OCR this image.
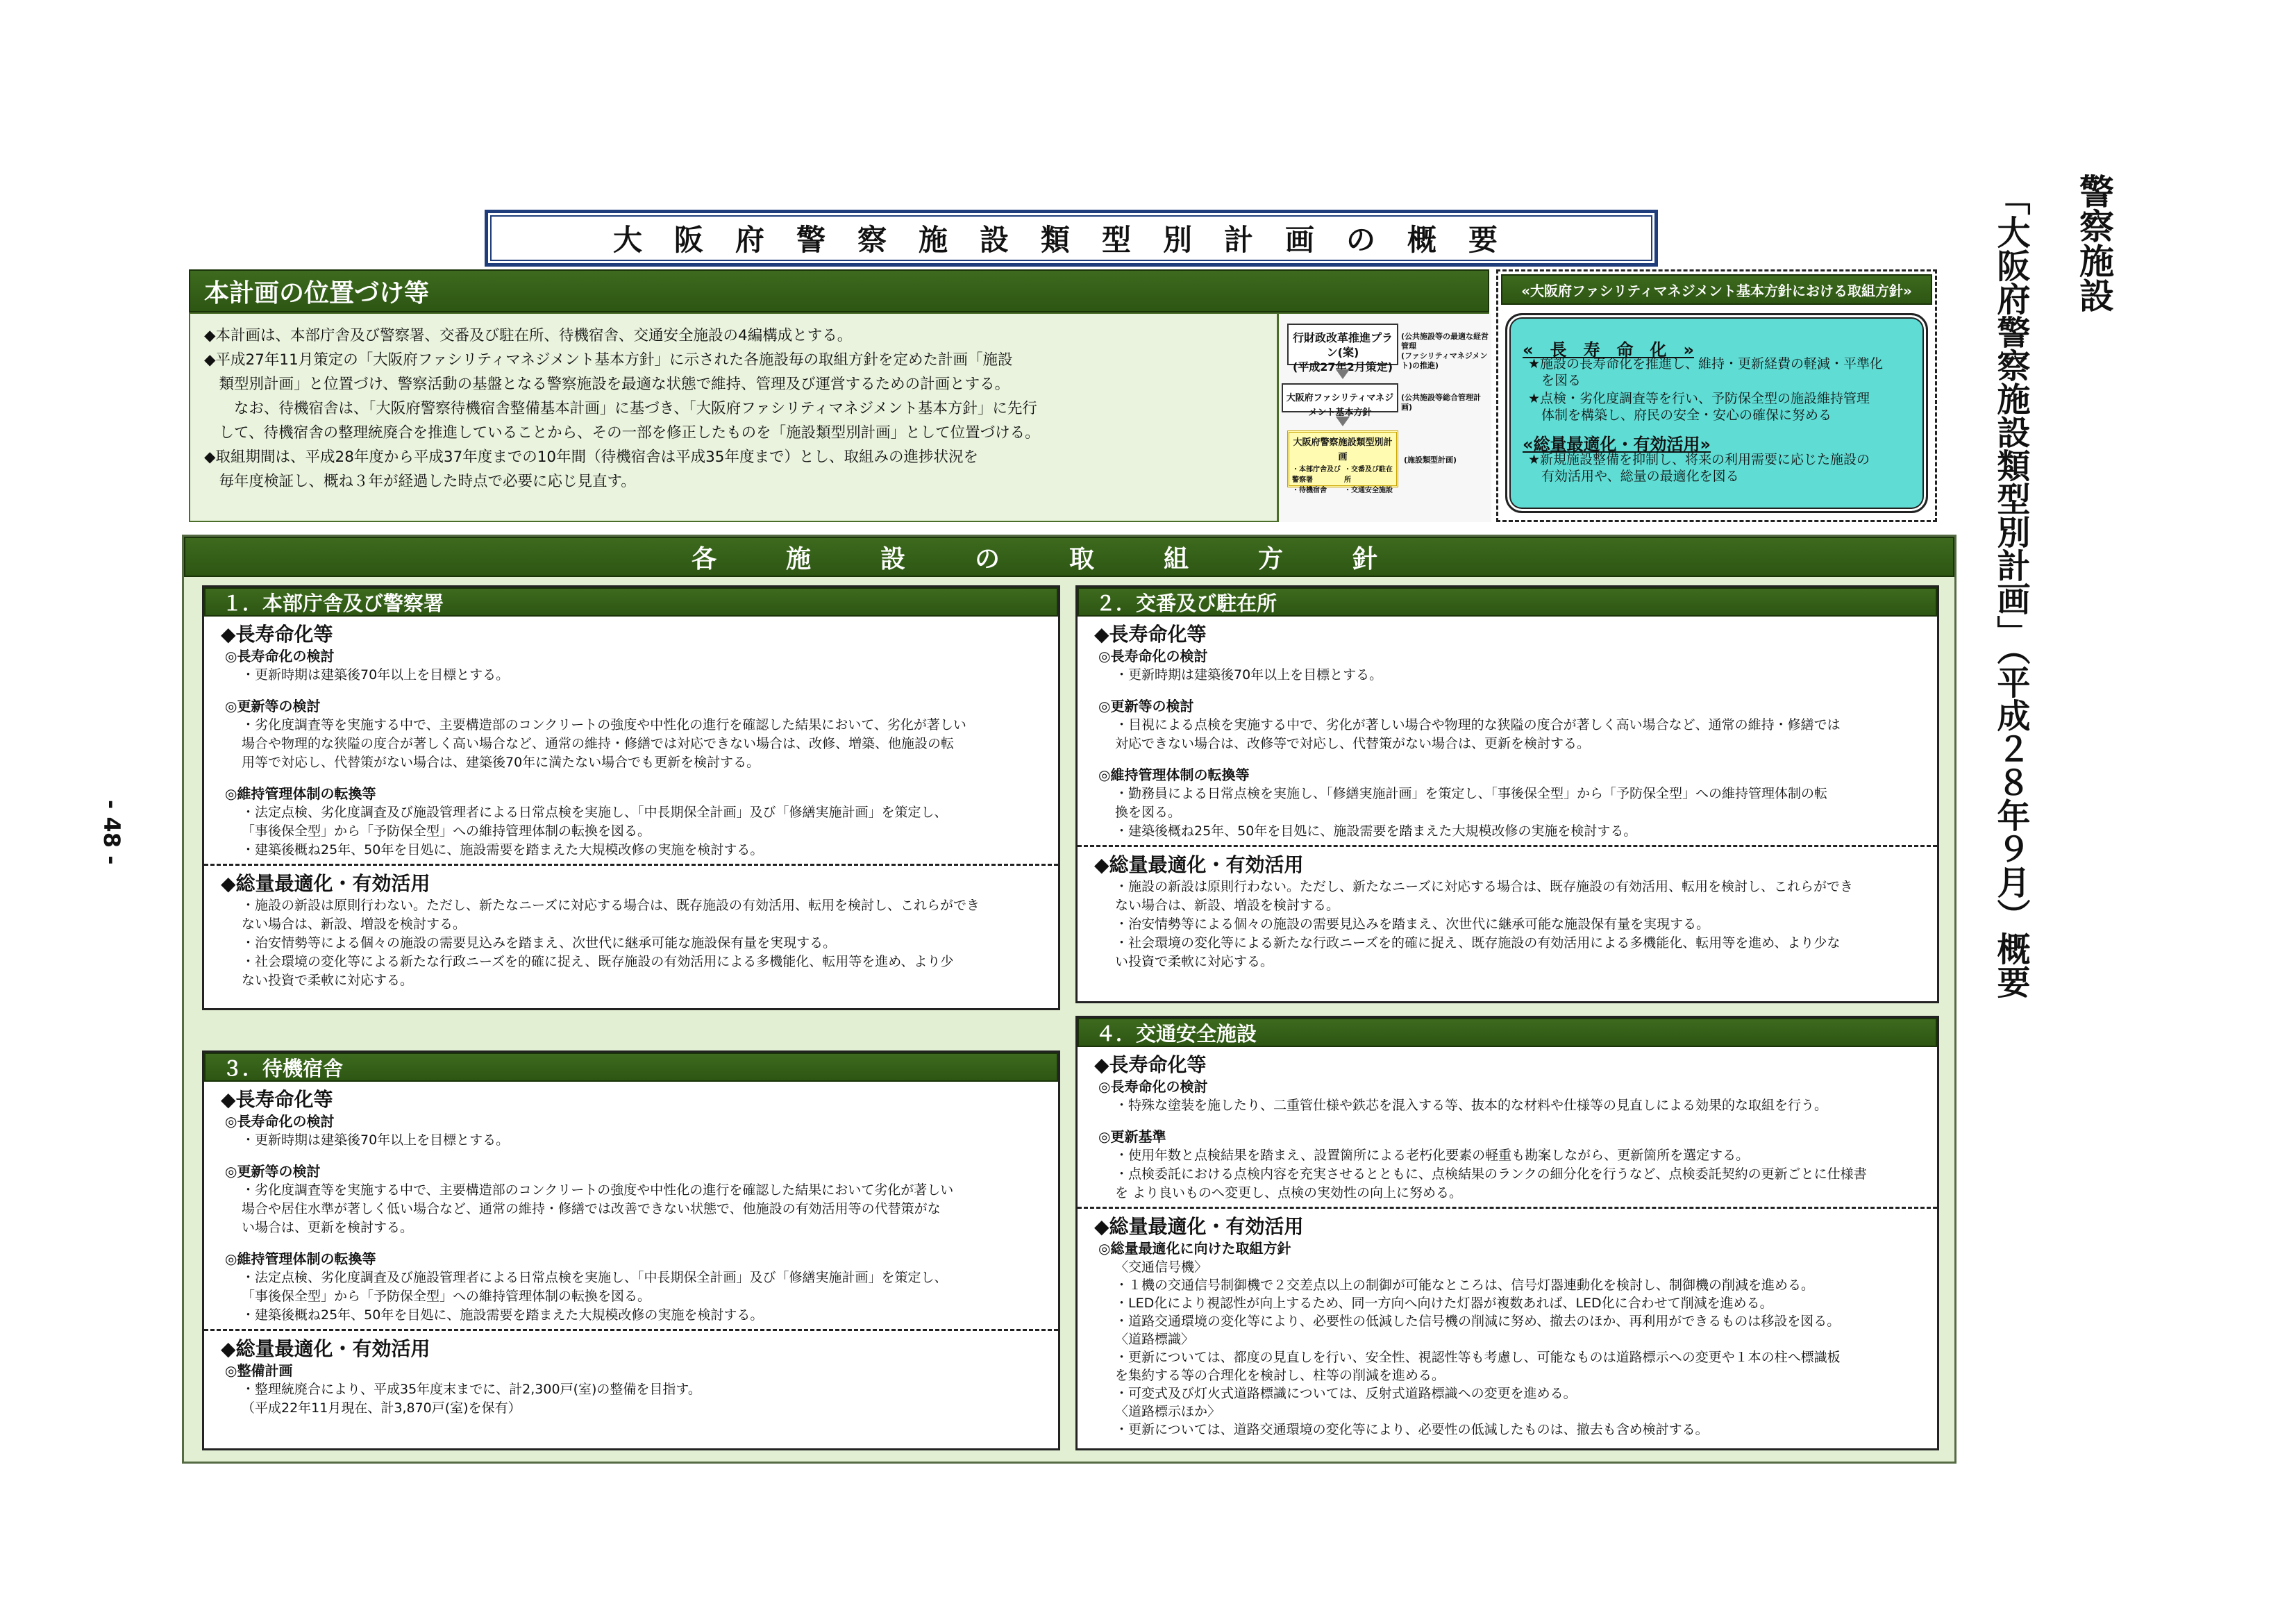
警察施設
「大阪府警察施設類型別計画」（平成２８年９月）概要
- 48 -
大阪府警察施設類型別計画の概要
本計画の位置づけ等

◆本計画は、本部庁舎及び警察署、交番及び駐在所、待機宿舎、交通安全施設の4編構成とする。

◆平成27年11月策定の「大阪府ファシリティマネジメント基本方針」に示された各施設毎の取組方針を定めた計画「施設

　類型別計画」と位置づけ、警察活動の基盤となる警察施設を最適な状態で維持、管理及び運営するための計画とする。

　　なお、待機宿舎は、「大阪府警察待機宿舎整備基本計画」に基づき、「大阪府ファシリティマネジメント基本方針」に先行

　して、待機宿舎の整理統廃合を推進していることから、その一部を修正したものを「施設類型別計画」として位置づける。

◆取組期間は、平成28年度から平成37年度までの10年間（待機宿舎は平成35年度まで）とし、取組みの進捗状況を

　毎年度検証し、概ね３年が経過した時点で必要に応じ見直す。

行財政改革推進プラン(案)
(平成27年2月策定)
(公共施設等の最適な経営管理
(ファシリティマネジメント)の推進)
大阪府ファシリティマネジメント基本方針
(公共施設等総合管理計画)
大阪府警察施設類型別計画
・本部庁舎及び警察署
・交番及び駐在所
・待機宿舎	・交通安全施設
(施設類型計画)
«大阪府ファシリティマネジメント基本方針における取組方針»
«　長　寿　命　化　»
★施設の長寿命化を推進し、維持・更新経費の軽減・平準化
　を図る
★点検・劣化度調査等を行い、予防保全型の施設維持管理
　体制を構築し、府民の安全・安心の確保に努める
«総量最適化・有効活用»
★新規施設整備を抑制し、将来の利用需要に応じた施設の
　有効活用や、総量の最適化を図る
各施設の取組方針
１．本部庁舎及び警察署
◆長寿命化等
◎長寿命化の検討
・更新時期は建築後70年以上を目標とする。
◎更新等の検討
・劣化度調査等を実施する中で、主要構造部のコンクリートの強度や中性化の進行を確認した結果において、劣化が著しい
場合や物理的な狭隘の度合が著しく高い場合など、通常の維持・修繕では対応できない場合は、改修、増築、他施設の転
用等で対応し、代替策がない場合は、建築後70年に満たない場合でも更新を検討する。
◎維持管理体制の転換等
・法定点検、劣化度調査及び施設管理者による日常点検を実施し、「中長期保全計画」及び「修繕実施計画」を策定し、
「事後保全型」から「予防保全型」への維持管理体制の転換を図る。
・建築後概ね25年、50年を目処に、施設需要を踏まえた大規模改修の実施を検討する。
◆総量最適化・有効活用
・施設の新設は原則行わない。ただし、新たなニーズに対応する場合は、既存施設の有効活用、転用を検討し、これらができ
ない場合は、新設、増設を検討する。
・治安情勢等による個々の施設の需要見込みを踏まえ、次世代に継承可能な施設保有量を実現する。
・社会環境の変化等による新たな行政ニーズを的確に捉え、既存施設の有効活用による多機能化、転用等を進め、より少
ない投資で柔軟に対応する。
３．待機宿舎
◆長寿命化等
◎長寿命化の検討
・更新時期は建築後70年以上を目標とする。
◎更新等の検討
・劣化度調査等を実施する中で、主要構造部のコンクリートの強度や中性化の進行を確認した結果において劣化が著しい
場合や居住水準が著しく低い場合など、通常の維持・修繕では改善できない状態で、他施設の有効活用等の代替策がな
い場合は、更新を検討する。
◎維持管理体制の転換等
・法定点検、劣化度調査及び施設管理者による日常点検を実施し、「中長期保全計画」及び「修繕実施計画」を策定し、
「事後保全型」から「予防保全型」への維持管理体制の転換を図る。
・建築後概ね25年、50年を目処に、施設需要を踏まえた大規模改修の実施を検討する。
◆総量最適化・有効活用
◎整備計画
・整理統廃合により、平成35年度末までに、計2,300戸(室)の整備を目指す。
（平成22年11月現在、計3,870戸(室)を保有）
２．交番及び駐在所
◆長寿命化等
◎長寿命化の検討
・更新時期は建築後70年以上を目標とする。
◎更新等の検討
・目視による点検を実施する中で、劣化が著しい場合や物理的な狭隘の度合が著しく高い場合など、通常の維持・修繕では
対応できない場合は、改修等で対応し、代替策がない場合は、更新を検討する。
◎維持管理体制の転換等
・勤務員による日常点検を実施し、「修繕実施計画」を策定し、「事後保全型」から「予防保全型」への維持管理体制の転
換を図る。
・建築後概ね25年、50年を目処に、施設需要を踏まえた大規模改修の実施を検討する。
◆総量最適化・有効活用
・施設の新設は原則行わない。ただし、新たなニーズに対応する場合は、既存施設の有効活用、転用を検討し、これらができ
ない場合は、新設、増設を検討する。
・治安情勢等による個々の施設の需要見込みを踏まえ、次世代に継承可能な施設保有量を実現する。
・社会環境の変化等による新たな行政ニーズを的確に捉え、既存施設の有効活用による多機能化、転用等を進め、より少な
い投資で柔軟に対応する。
４．交通安全施設
◆長寿命化等
◎長寿命化の検討
・特殊な塗装を施したり、二重管仕様や鉄芯を混入する等、抜本的な材料や仕様等の見直しによる効果的な取組を行う。
◎更新基準
・使用年数と点検結果を踏まえ、設置箇所による老朽化要素の軽重も勘案しながら、更新箇所を選定する。
・点検委託における点検内容を充実させるとともに、点検結果のランクの細分化を行うなど、点検委託契約の更新ごとに仕様書
を より良いものへ変更し、点検の実効性の向上に努める。
◆総量最適化・有効活用
◎総量最適化に向けた取組方針
〈交通信号機〉
・１機の交通信号制御機で２交差点以上の制御が可能なところは、信号灯器連動化を検討し、制御機の削減を進める。
・LED化により視認性が向上するため、同一方向へ向けた灯器が複数あれば、LED化に合わせて削減を進める。
・道路交通環境の変化等により、必要性の低減した信号機の削減に努め、撤去のほか、再利用ができるものは移設を図る。
〈道路標識〉
・更新については、都度の見直しを行い、安全性、視認性等も考慮し、可能なものは道路標示への変更や１本の柱へ標識板
を集約する等の合理化を検討し、柱等の削減を進める。
・可変式及び灯火式道路標識については、反射式道路標識への変更を進める。
〈道路標示ほか〉
・更新については、道路交通環境の変化等により、必要性の低減したものは、撤去も含め検討する。
